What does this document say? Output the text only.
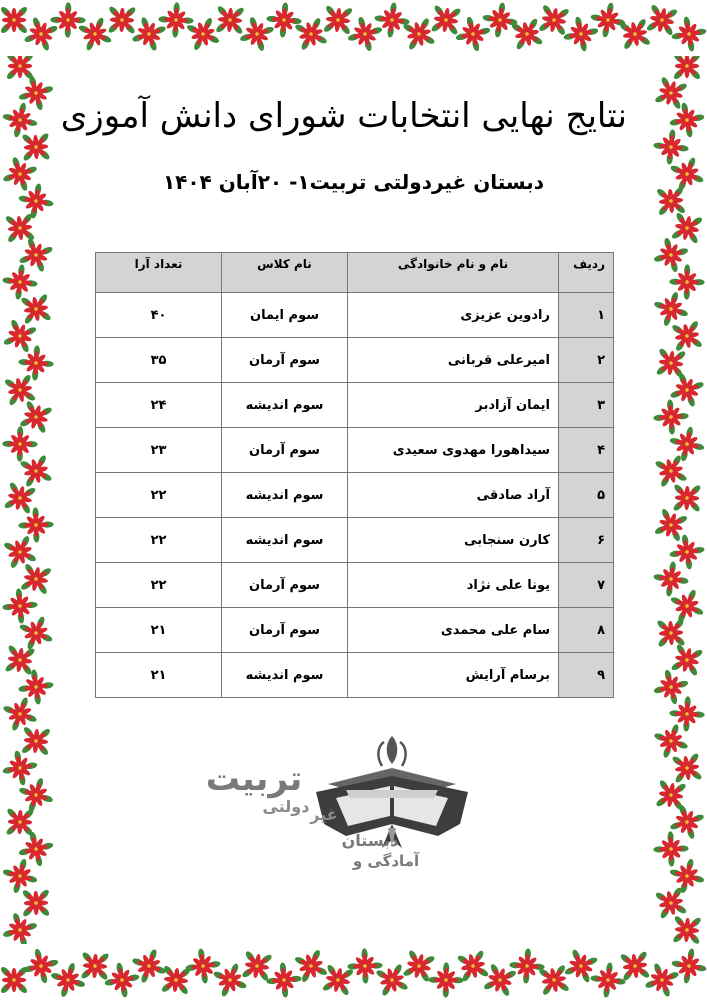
نتایج نهایی انتخابات شورای دانش آموزی
دبستان غیردولتی تربیت۱- ۲۰آبان ۱۴۰۴
ردیف	نام و نام خانوادگی	نام کلاس	تعداد آرا
۱	رادوین عزیزی	سوم ایمان	۴۰
۲	امیرعلی قربانی	سوم آرمان	۳۵
۳	ایمان آزادبر	سوم اندیشه	۲۴
۴	سیداهورا مهدوی سعیدی	سوم آرمان	۲۳
۵	آراد صادقی	سوم اندیشه	۲۲
۶	کارن سنجابی	سوم اندیشه	۲۲
۷	یونا علی نژاد	سوم آرمان	۲۲
۸	سام علی محمدی	سوم آرمان	۲۱
۹	برسام آرایش	سوم اندیشه	۲۱
تربیت
غیر
دولتی
دبستان
آمادگی و
